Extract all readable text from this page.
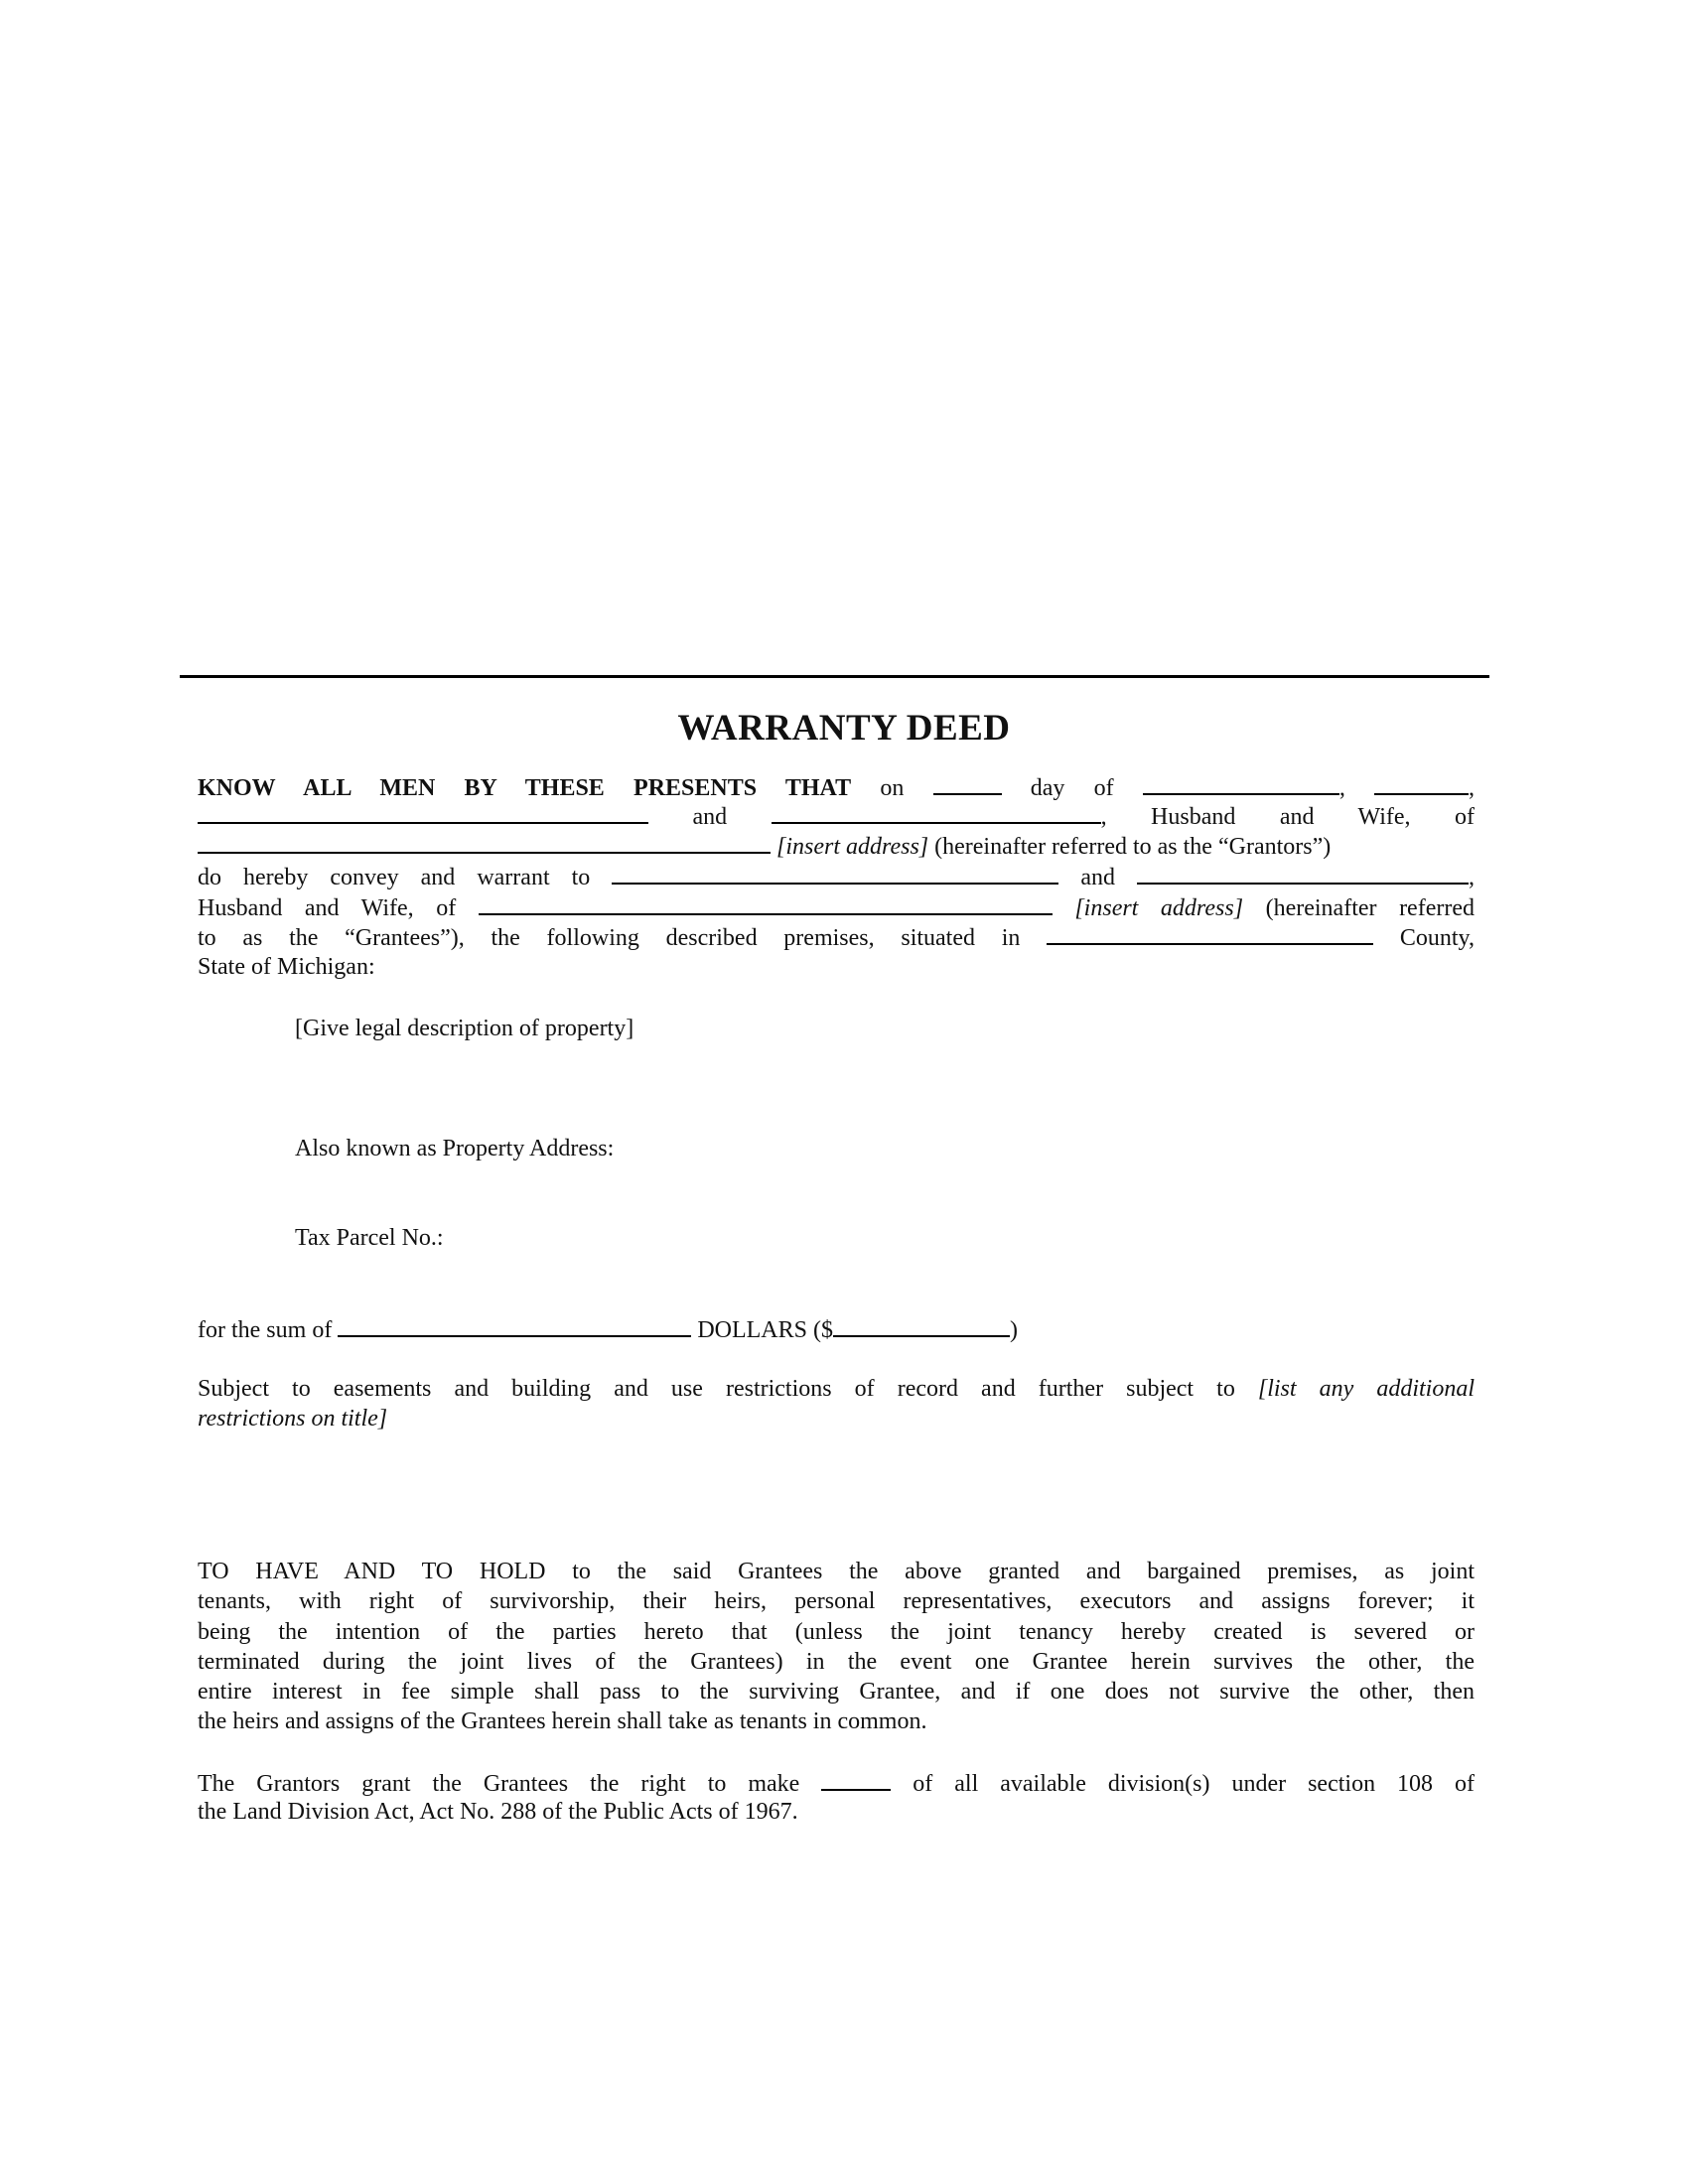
WARRANTY DEED
KNOW ALL MEN BY THESE PRESENTS THAT on	day of	,	,
and	, Husband and Wife, of
[insert address] (hereinafter referred to as the “Grantors”)
do hereby convey and warrant to	and	,
Husband and Wife, of	[insert address] (hereinafter referred
to as the “Grantees”), the following described premises, situated in	County,
State of Michigan:
[Give legal description of property]
Also known as Property Address:
Tax Parcel No.:
for the sum of	DOLLARS ($	)
Subject to easements and building and use restrictions of record and further subject to [list any additional
restrictions on title]
TO HAVE AND TO HOLD to the said Grantees the above granted and bargained premises, as joint
tenants, with right of survivorship, their heirs, personal representatives, executors and assigns forever; it
being the intention of the parties hereto that (unless the joint tenancy hereby created is severed or
terminated during the joint lives of the Grantees) in the event one Grantee herein survives the other, the
entire interest in fee simple shall pass to the surviving Grantee, and if one does not survive the other, then
the heirs and assigns of the Grantees herein shall take as tenants in common.
The Grantors grant the Grantees the right to make	of all available division(s) under section 108 of
the Land Division Act, Act No. 288 of the Public Acts of 1967.
